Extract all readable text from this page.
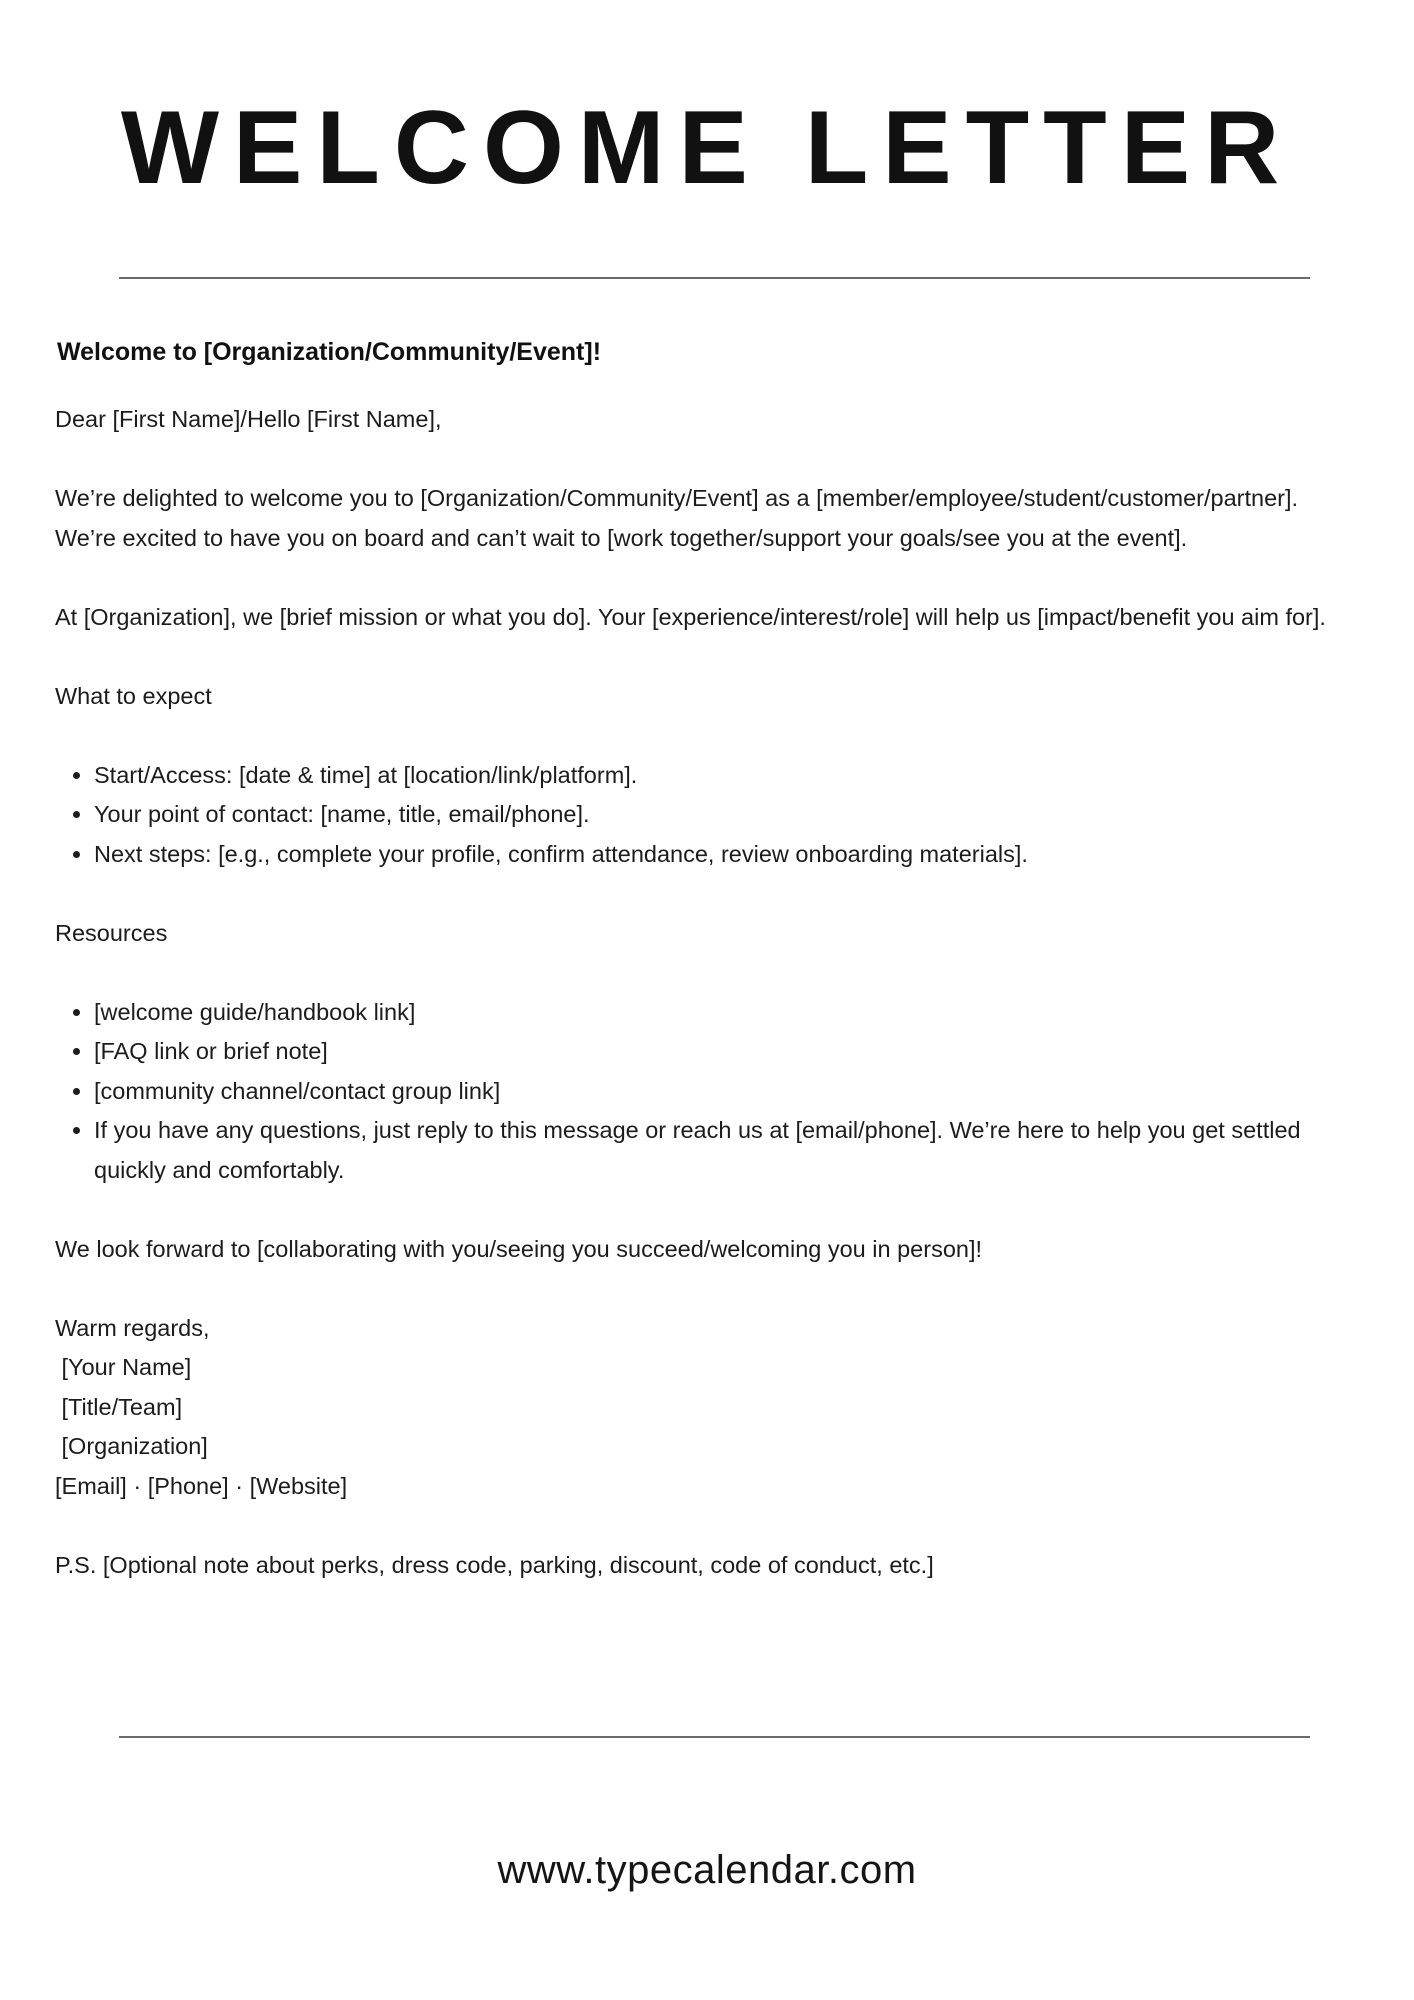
WELCOME LETTER
Welcome to [Organization/Community/Event]!
Dear [First Name]/Hello [First Name],
We’re delighted to welcome you to [Organization/Community/Event] as a [member/employee/student/customer/partner]. We’re excited to have you on board and can’t wait to [work together/support your goals/see you at the event].
At [Organization], we [brief mission or what you do]. Your [experience/interest/role] will help us [impact/benefit you aim for].
What to expect
• Start/Access: [date & time] at [location/link/platform].
• Your point of contact: [name, title, email/phone].
• Next steps: [e.g., complete your profile, confirm attendance, review onboarding materials].
Resources
• [welcome guide/handbook link]
• [FAQ link or brief note]
• [community channel/contact group link]
• If you have any questions, just reply to this message or reach us at [email/phone]. We’re here to help you get settled quickly and comfortably.
We look forward to [collaborating with you/seeing you succeed/welcoming you in person]!
Warm regards,
[Your Name]
[Title/Team]
[Organization]
[Email] · [Phone] · [Website]
P.S. [Optional note about perks, dress code, parking, discount, code of conduct, etc.]
www.typecalendar.com
